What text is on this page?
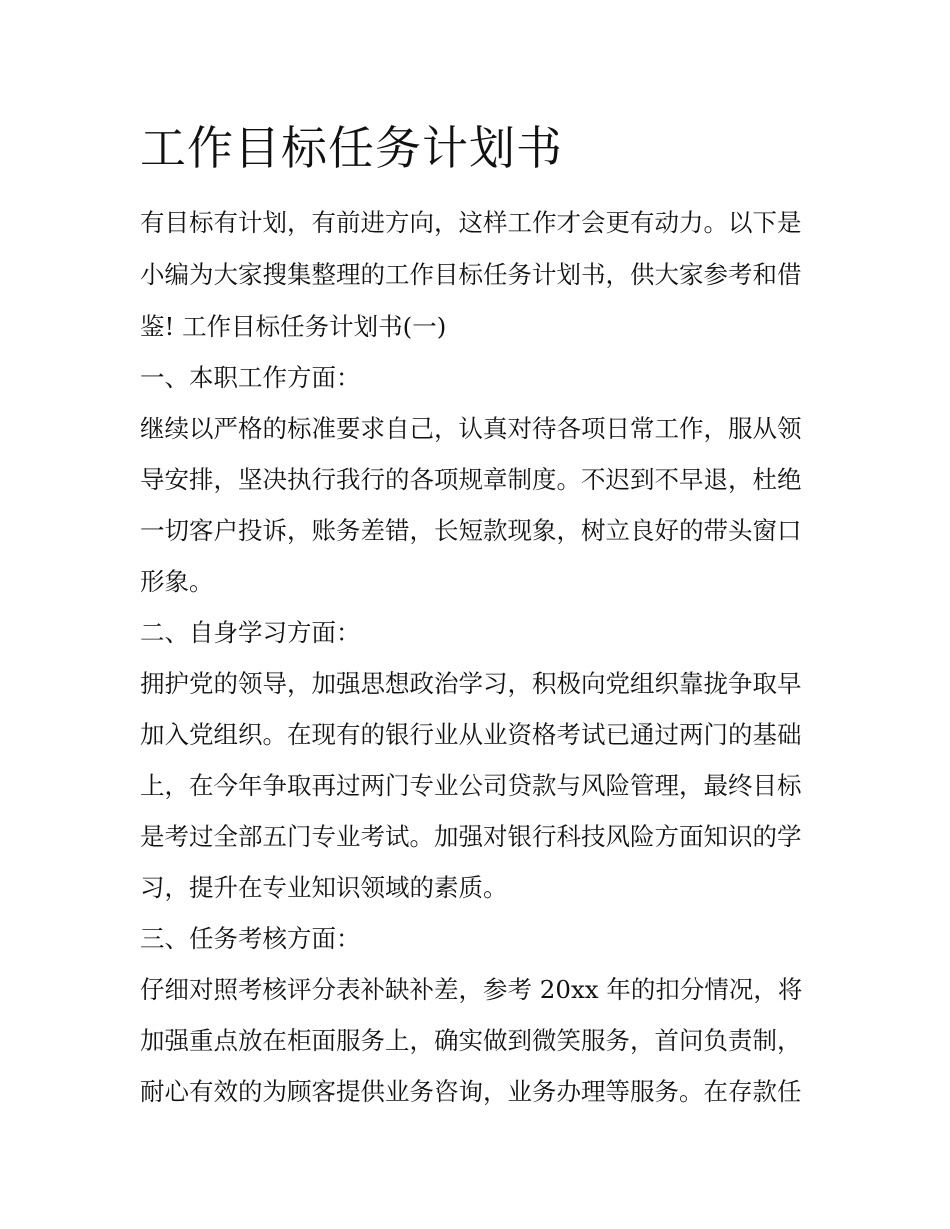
工作目标任务计划书

有目标有计划，有前进方向，这样工作才会更有动力。以下是

小编为大家搜集整理的工作目标任务计划书，供大家参考和借

鉴! 工作目标任务计划书(一)

一、本职工作方面：

继续以严格的标准要求自己，认真对待各项日常工作，服从领

导安排，坚决执行我行的各项规章制度。不迟到不早退，杜绝

一切客户投诉，账务差错，长短款现象，树立良好的带头窗口

形象。

二、自身学习方面：

拥护党的领导，加强思想政治学习，积极向党组织靠拢争取早

加入党组织。在现有的银行业从业资格考试已通过两门的基础

上，在今年争取再过两门专业公司贷款与风险管理，最终目标

是考过全部五门专业考试。加强对银行科技风险方面知识的学

习，提升在专业知识领域的素质。

三、任务考核方面：

仔细对照考核评分表补缺补差，参考 20xx 年的扣分情况，将

加强重点放在柜面服务上，确实做到微笑服务，首问负责制，

耐心有效的为顾客提供业务咨询，业务办理等服务。在存款任
